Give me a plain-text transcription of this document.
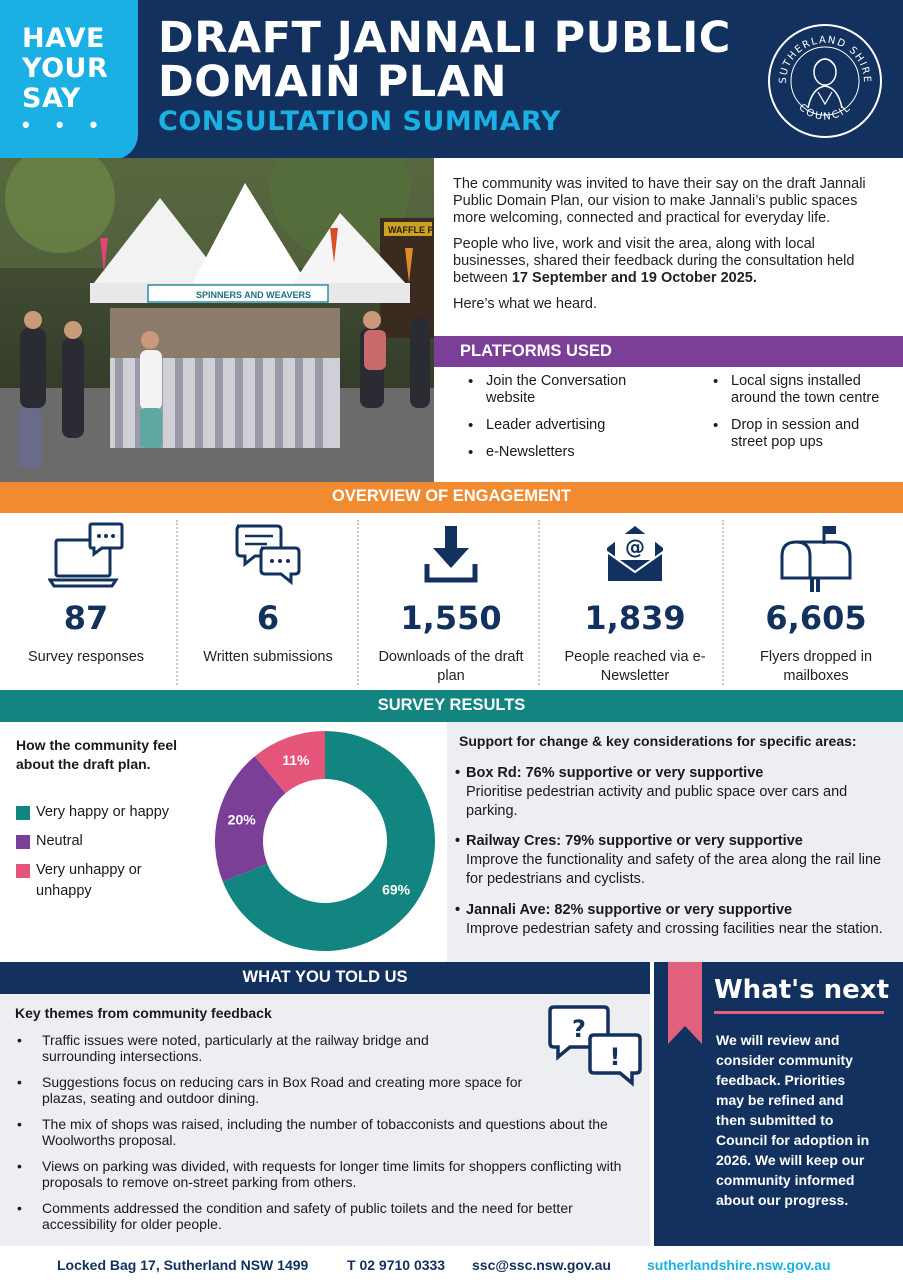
HAVE
YOUR
SAY
• • •
DRAFT JANNALI PUBLIC
DOMAIN PLAN
CONSULTATION SUMMARY
SUTHERLAND SHIRE
COUNCIL
WAFFLE P
SPINNERS AND WEAVERS

The community was invited to have their say on the draft Jannali Public Domain Plan, our vision to make Jannali’s public spaces more welcoming, connected and practical for everyday life.

People who live, work and visit the area, along with local businesses, shared their feedback during the consultation held between 17 September and 19 October 2025.

Here’s what we heard.

PLATFORMS USED
• Join the Conversation website
• Leader advertising
• e-Newsletters
• Local signs installed around the town centre
• Drop in session and street pop ups
OVERVIEW OF ENGAGEMENT
87
Survey responses
6
Written submissions
1,550
Downloads of the draft plan
@
1,839
People reached via e-Newsletter
6,605
Flyers dropped in mailboxes
SURVEY RESULTS
How the community feel about the draft plan.
Very happy or happy
Neutral
Very unhappy or unhappy	69%
20%
11%
Support for change & key considerations for specific areas:
• Box Rd: 76% supportive or very supportive
Prioritise pedestrian activity and public space over cars and parking.
• Railway Cres: 79% supportive or very supportive
Improve the functionality and safety of the area along the rail line for pedestrians and cyclists.
• Jannali Ave: 82% supportive or very supportive
Improve pedestrian safety and crossing facilities near the station.
WHAT YOU TOLD US
Key themes from community feedback
?
!
• Traffic issues were noted, particularly at the railway bridge and surrounding intersections.
• Suggestions focus on reducing cars in Box Road and creating more space for plazas, seating and outdoor dining.
• The mix of shops was raised, including the number of tobacconists and questions about the Woolworths proposal.
• Views on parking was divided, with requests for longer time limits for shoppers conflicting with proposals to remove on-street parking from others.
• Comments addressed the condition and safety of public toilets and the need for better accessibility for older people.
What's next
We will review and consider community feedback. Priorities may be refined and then submitted to Council for adoption in 2026. We will keep our community informed about our progress.
Locked Bag 17, Sutherland NSW 1499	T 02 9710 0333 ssc@ssc.nsw.gov.au	sutherlandshire.nsw.gov.au
